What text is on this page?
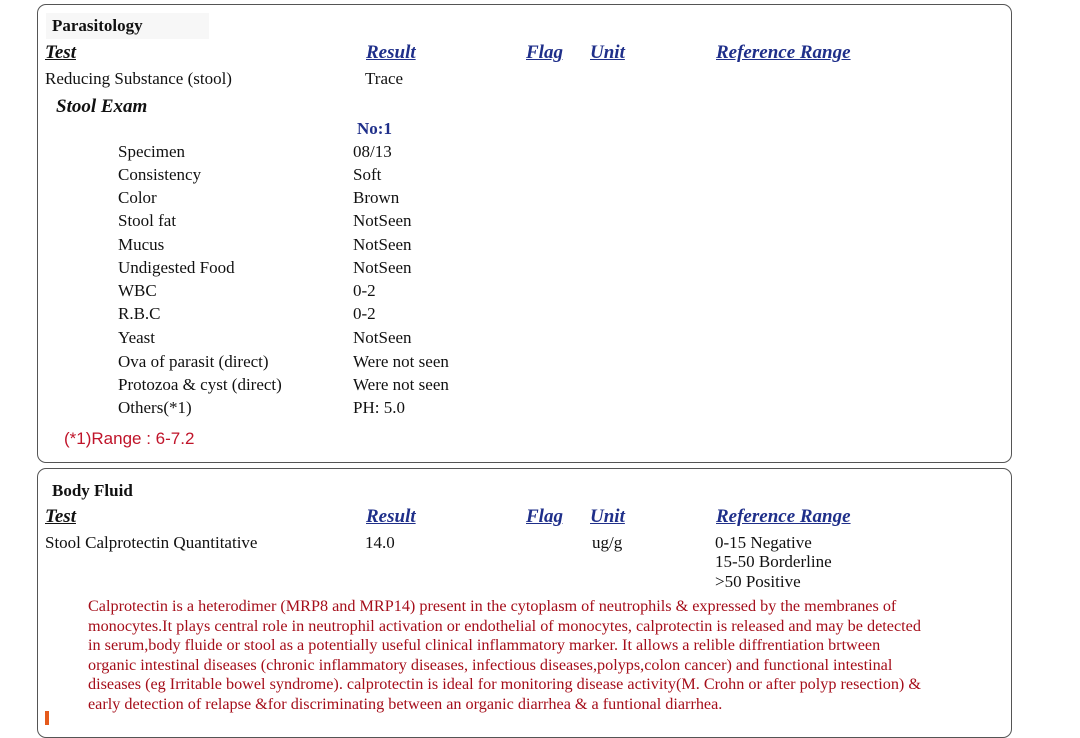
Parasitology
Test	Result	Flag Unit	Reference Range
Reducing Substance (stool)	Trace
Stool Exam
No:1
Specimen	08/13
Consistency	Soft
Color	Brown
Stool fat	NotSeen
Mucus	NotSeen
Undigested Food	NotSeen
WBC	0-2
R.B.C	0-2
Yeast	NotSeen
Ova of parasit (direct)	Were not seen
Protozoa & cyst (direct)	Were not seen
Others(*1)	PH: 5.0
(*1)Range : 6-7.2
Body Fluid
Test	Result	Flag Unit	Reference Range
Stool Calprotectin Quantitative	14.0	ug/g	0-15 Negative
15-50 Borderline
>50 Positive
Calprotectin is a heterodimer (MRP8 and MRP14) present in the cytoplasm of neutrophils & expressed by the membranes of
monocytes.It plays central role in neutrophil activation or endothelial of monocytes, calprotectin is released and may be detected
in serum,body fluide or stool as a potentially useful clinical inflammatory marker. It allows a relible diffrentiation brtween
organic intestinal diseases (chronic inflammatory diseases, infectious diseases,polyps,colon cancer) and functional intestinal
diseases (eg Irritable bowel syndrome). calprotectin is ideal for monitoring disease activity(M. Crohn or after polyp resection) &
early detection of relapse &for discriminating between an organic diarrhea & a funtional diarrhea.
